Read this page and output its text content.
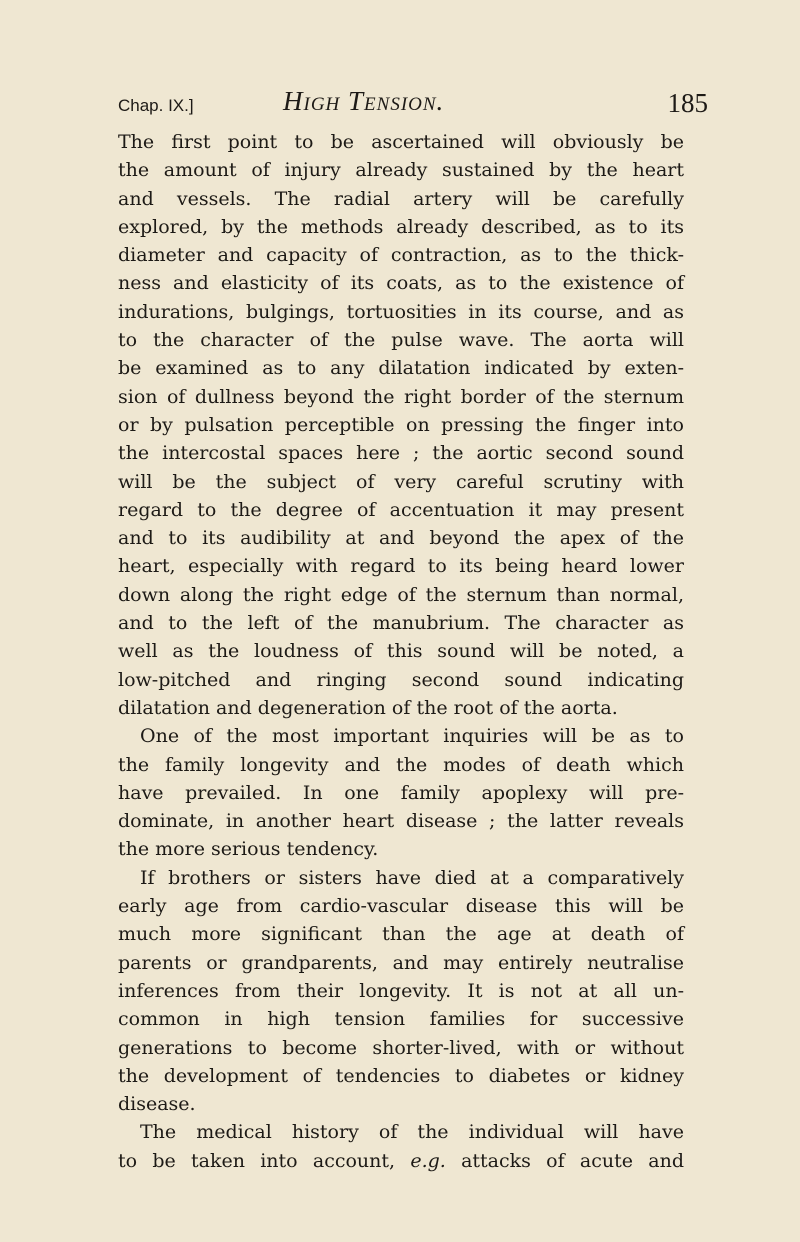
Chap. IX.]	High Tension.	185
The first point to be ascertained will obviously be
the amount of injury already sustained by the heart
and vessels. The radial artery will be carefully
explored, by the methods already described, as to its
diameter and capacity of contraction, as to the thick-
ness and elasticity of its coats, as to the existence of
indurations, bulgings, tortuosities in its course, and as
to the character of the pulse wave. The aorta will
be examined as to any dilatation indicated by exten-
sion of dullness beyond the right border of the sternum
or by pulsation perceptible on pressing the finger into
the intercostal spaces here ; the aortic second sound
will be the subject of very careful scrutiny with
regard to the degree of accentuation it may present
and to its audibility at and beyond the apex of the
heart, especially with regard to its being heard lower
down along the right edge of the sternum than normal,
and to the left of the manubrium. The character as
well as the loudness of this sound will be noted, a
low-pitched and ringing second sound indicating
dilatation and degeneration of the root of the aorta.
One of the most important inquiries will be as to
the family longevity and the modes of death which
have prevailed. In one family apoplexy will pre-
dominate, in another heart disease ; the latter reveals
the more serious tendency.
If brothers or sisters have died at a comparatively
early age from cardio-vascular disease this will be
much more significant than the age at death of
parents or grandparents, and may entirely neutralise
inferences from their longevity. It is not at all un-
common in high tension families for successive
generations to become shorter-lived, with or without
the development of tendencies to diabetes or kidney
disease.
The medical history of the individual will have
to be taken into account, e.g. attacks of acute and
